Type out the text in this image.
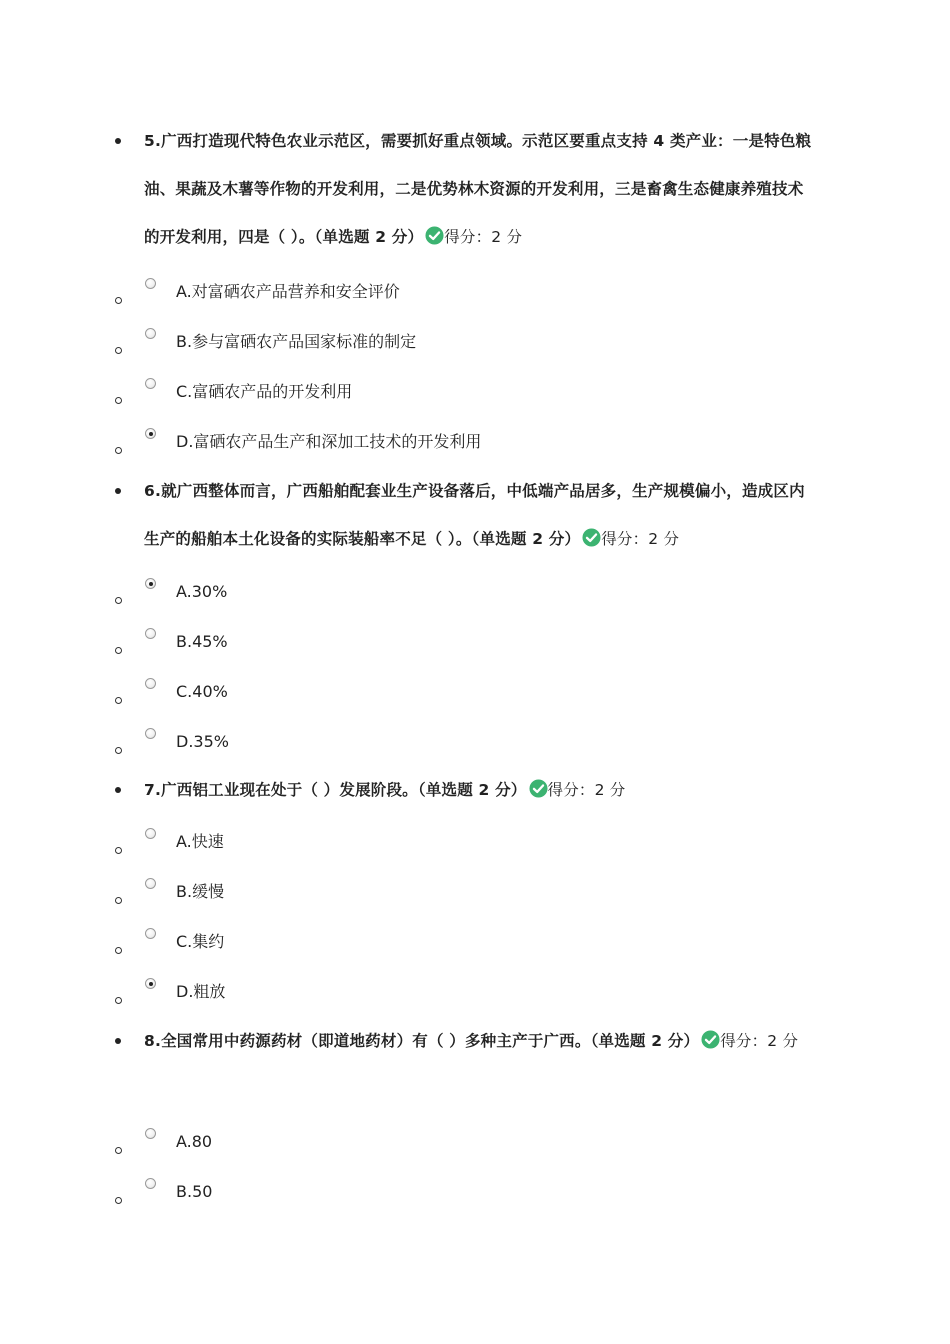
5.广西打造现代特色农业示范区，需要抓好重点领域。示范区要重点支持 4 类产业：一是特色粮油、果蔬及木薯等作物的开发利用，二是优势林木资源的开发利用，三是畜禽生态健康养殖技术的开发利用，四是（ ）。（单选题 2 分） 得分：2 分
A.对富硒农产品营养和安全评价
B.参与富硒农产品国家标准的制定
C.富硒农产品的开发利用
D.富硒农产品生产和深加工技术的开发利用
6.就广西整体而言，广西船舶配套业生产设备落后，中低端产品居多，生产规模偏小，造成区内生产的船舶本土化设备的实际装船率不足（ ）。（单选题 2 分） 得分：2 分
A.30%
B.45%
C.40%
D.35%
7.广西铝工业现在处于（ ）发展阶段。（单选题 2 分） 得分：2 分
A.快速
B.缓慢
C.集约
D.粗放
8.全国常用中药源药材（即道地药材）有（ ）多种主产于广西。（单选题 2 分） 得分：2 分
A.80
B.50
